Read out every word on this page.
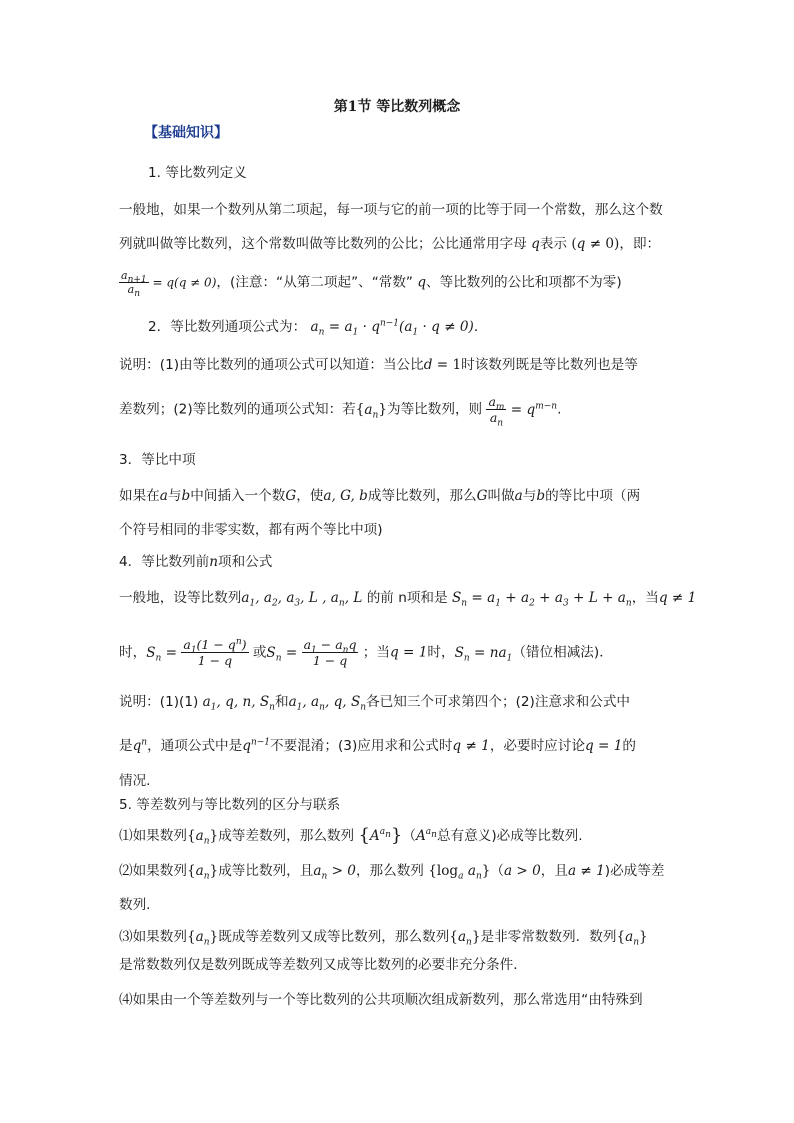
第1节 等比数列概念
【基础知识】
1. 等比数列定义
一般地，如果一个数列从第二项起，每一项与它的前一项的比等于同一个常数，那么这个数
列就叫做等比数列，这个常数叫做等比数列的公比；公比通常用字母 q表示 (q ≠ 0)，即：
$\frac{a_{n+1}}{a_n} = q(q \ne 0)$，(注意：“从第二项起”、“常数” q、等比数列的公比和项都不为零)
2．等比数列通项公式为： $a_n = a_1 \cdot q^{n-1}(a_1 \cdot q \ne 0)$．
说明：(1)由等比数列的通项公式可以知道：当公比d = 1时该数列既是等比数列也是等
差数列；(2)等比数列的通项公式知：若$\{a_n\}$为等比数列，则 $\frac{a_m}{a_n} = q^{m-n}$.
3．等比中项
如果在a与b中间插入一个数G，使a, G, b成等比数列，那么G叫做a与b的等比中项（两
个符号相同的非零实数，都有两个等比中项)
4．等比数列前n项和公式
一般地，设等比数列$a_1$, $a_2$, $a_3$, L , $a_n$, L 的前 n项和是 $S_n = a_1 + a_2 + a_3 + L + a_n$，当q ≠ 1
时，$S_n = \frac{a_1(1 - q^n)}{1 - q}$ 或$S_n = \frac{a_1 - a_nq}{1 - q}$ ；当q = 1时，$S_n = na_1$（错位相减法)．
说明：(1)(1) $a_1$, q, n, $S_n$和$a_1$, $a_n$, q, $S_n$各已知三个可求第四个；(2)注意求和公式中
是$q^n$，通项公式中是$q^{n-1}$不要混淆；(3)应用求和公式时q ≠ 1，必要时应讨论q = 1的
情况.
5. 等差数列与等比数列的区分与联系
⑴如果数列$\{a_n\}$成等差数列，那么数列 $\{A^{a_n}\}(A^{a_n}$总有意义)必成等比数列.
⑵如果数列$\{a_n\}$成等比数列，且$a_n > 0$，那么数列 {$\log_a$ $a_n\}(a > 0$，且a ≠ 1)必成等差
数列.
⑶如果数列$\{a_n\}$既成等差数列又成等比数列，那么数列$\{a_n\}$是非零常数数列．数列$\{a_n\}$
是常数数列仅是数列既成等差数列又成等比数列的必要非充分条件．
⑷如果由一个等差数列与一个等比数列的公共项顺次组成新数列，那么常选用“由特殊到
